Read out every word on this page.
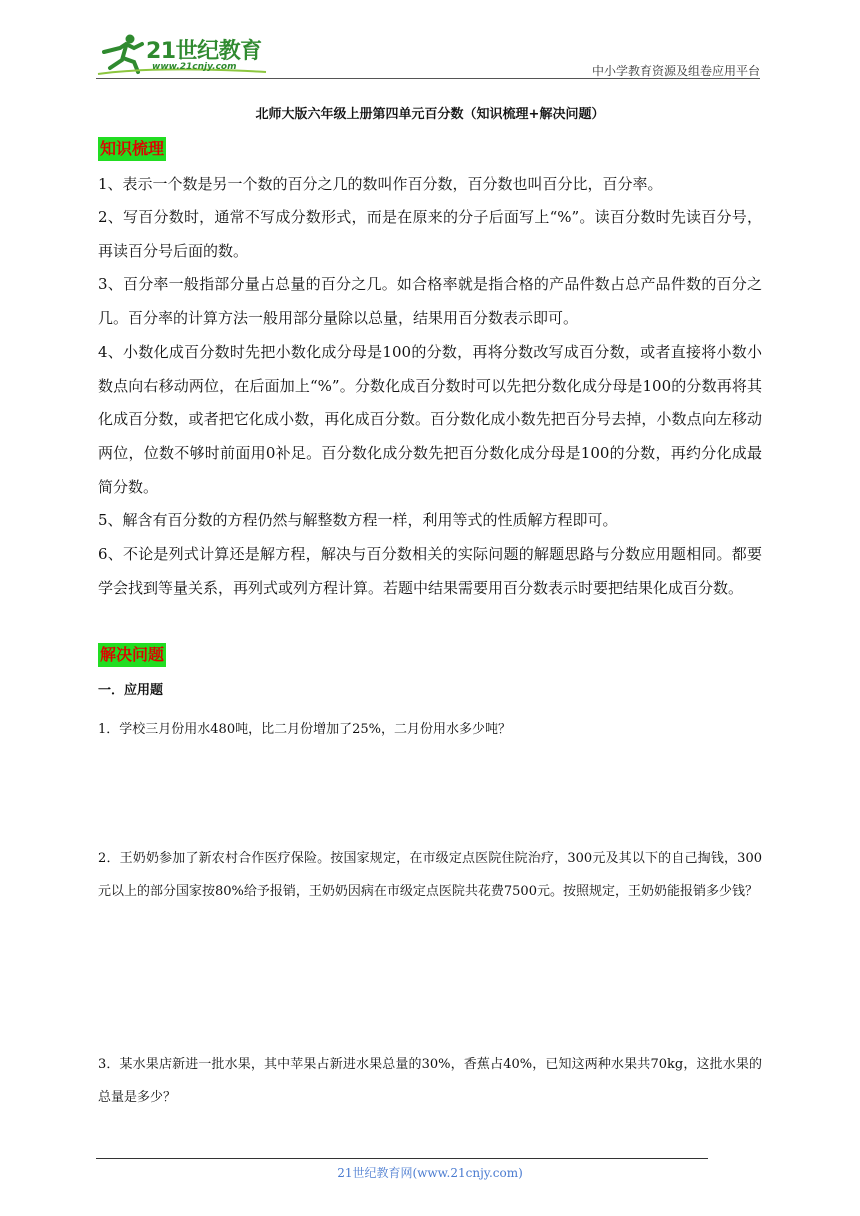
21世纪教育
www.21cnjy.com	中小学教育资源及组卷应用平台
北师大版六年级上册第四单元百分数（知识梳理+解决问题）
知识梳理
1、表示一个数是另一个数的百分之几的数叫作百分数，百分数也叫百分比，百分率。
2、写百分数时，通常不写成分数形式，而是在原来的分子后面写上“%”。读百分数时先读百分号，再读百分号后面的数。
3、百分率一般指部分量占总量的百分之几。如合格率就是指合格的产品件数占总产品件数的百分之几。百分率的计算方法一般用部分量除以总量，结果用百分数表示即可。
4、小数化成百分数时先把小数化成分母是100的分数，再将分数改写成百分数，或者直接将小数小数点向右移动两位，在后面加上“%”。分数化成百分数时可以先把分数化成分母是100的分数再将其化成百分数，或者把它化成小数，再化成百分数。百分数化成小数先把百分号去掉，小数点向左移动两位，位数不够时前面用0补足。百分数化成分数先把百分数化成分母是100的分数，再约分化成最简分数。
5、解含有百分数的方程仍然与解整数方程一样，利用等式的性质解方程即可。
6、不论是列式计算还是解方程，解决与百分数相关的实际问题的解题思路与分数应用题相同。都要学会找到等量关系，再列式或列方程计算。若题中结果需要用百分数表示时要把结果化成百分数。
解决问题
一．应用题
1．学校三月份用水480吨，比二月份增加了25%，二月份用水多少吨？
2．王奶奶参加了新农村合作医疗保险。按国家规定，在市级定点医院住院治疗，300元及其以下的自己掏钱，300元以上的部分国家按80%给予报销，王奶奶因病在市级定点医院共花费7500元。按照规定，王奶奶能报销多少钱？
3．某水果店新进一批水果，其中苹果占新进水果总量的30%，香蕉占40%，已知这两种水果共70kg，这批水果的总量是多少？
21世纪教育网(www.21cnjy.com)
